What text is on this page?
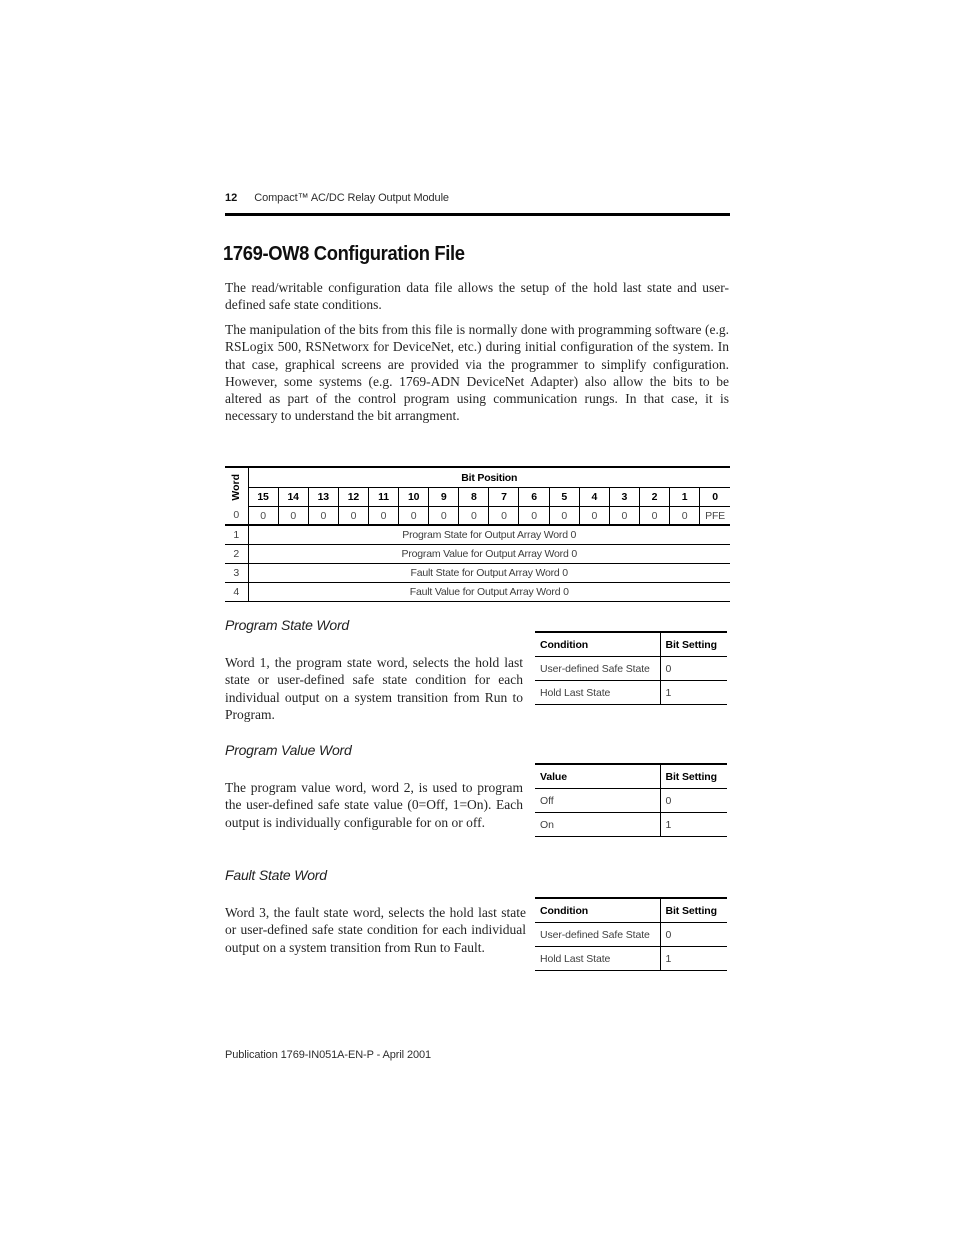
12 Compact™ AC/DC Relay Output Module
1769-OW8 Configuration File

The read/writable configuration data file allows the setup of the hold last state and user-defined safe state conditions.

The manipulation of the bits from this file is normally done with programming software (e.g. RSLogix 500, RSNetworx for DeviceNet, etc.) during initial configuration of the system. In that case, graphical screens are provided via the programmer to simplify configuration. However, some systems (e.g. 1769-ADN DeviceNet Adapter) also allow the bits to be altered as part of the control program using communication rungs. In that case, it is necessary to understand the bit arrangment.

Word	Bit Position															
	15	14	13	12	11	10	9	8	7	6	5	4	3	2	1	0
0	0	0	0	0	0	0	0	0	0	0	0	0	0	0	0	PFE
1	Program State for Output Array Word 0															
2	Program Value for Output Array Word 0															
3	Fault State for Output Array Word 0															
4	Fault Value for Output Array Word 0															
Program State Word

Word 1, the program state word, selects the hold last state or user-defined safe state condition for each individual output on a system transition from Run to Program.

Condition	Bit Setting
User-defined Safe State	0
Hold Last State	1
Program Value Word

The program value word, word 2, is used to program the user-defined safe state value (0=Off, 1=On). Each output is individually configurable for on or off.

Value	Bit Setting
Off	0
On	1
Fault State Word

Word 3, the fault state word, selects the hold last state or user-defined safe state condition for each individual output on a system transition from Run to Fault.

Condition	Bit Setting
User-defined Safe State	0
Hold Last State	1
Publication 1769-IN051A-EN-P - April 2001
